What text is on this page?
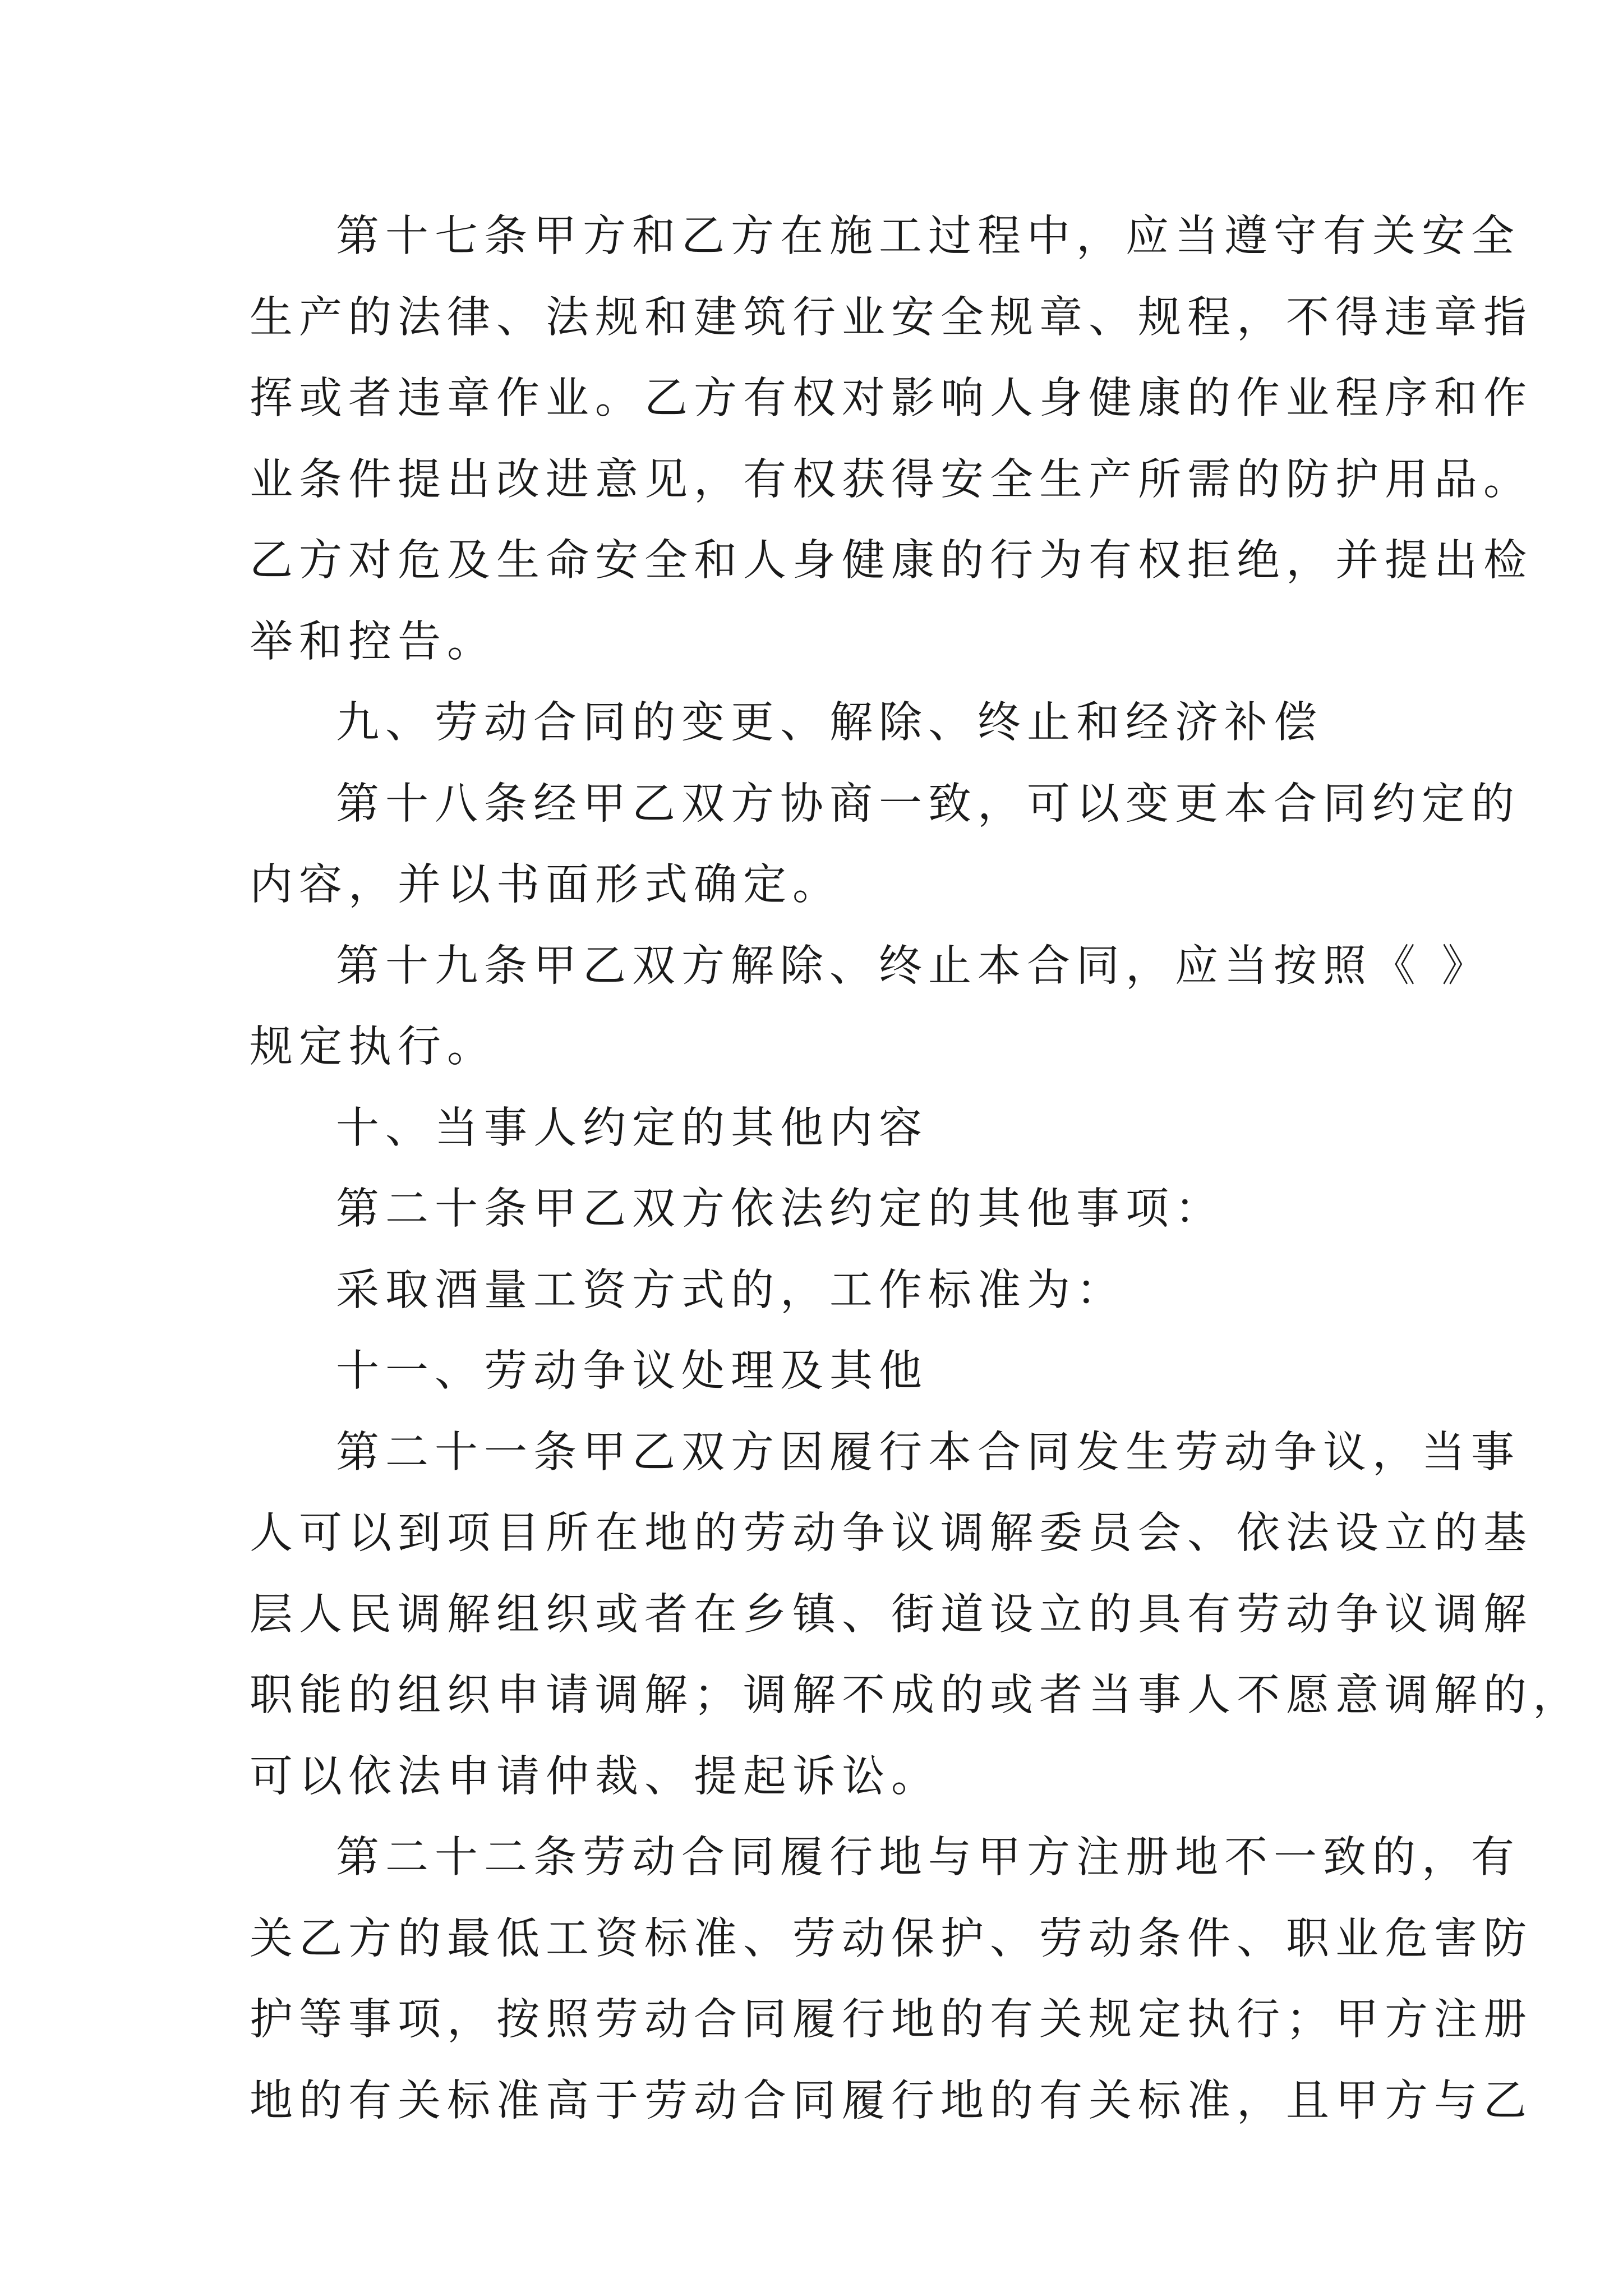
第十七条甲方和乙方在施工过程中，应当遵守有关安全
生产的法律、法规和建筑行业安全规章、规程，不得违章指
挥或者违章作业。乙方有权对影响人身健康的作业程序和作
业条件提出改进意见，有权获得安全生产所需的防护用品。
乙方对危及生命安全和人身健康的行为有权拒绝，并提出检
举和控告。
九、劳动合同的变更、解除、终止和经济补偿
第十八条经甲乙双方协商一致，可以变更本合同约定的
内容，并以书面形式确定。
第十九条甲乙双方解除、终止本合同，应当按照《 》
规定执行。
十、当事人约定的其他内容
第二十条甲乙双方依法约定的其他事项：
采取酒量工资方式的，工作标准为：
十一、劳动争议处理及其他
第二十一条甲乙双方因履行本合同发生劳动争议，当事
人可以到项目所在地的劳动争议调解委员会、依法设立的基
层人民调解组织或者在乡镇、街道设立的具有劳动争议调解
职能的组织申请调解；调解不成的或者当事人不愿意调解的，
可以依法申请仲裁、提起诉讼。
第二十二条劳动合同履行地与甲方注册地不一致的，有
关乙方的最低工资标准、劳动保护、劳动条件、职业危害防
护等事项，按照劳动合同履行地的有关规定执行；甲方注册
地的有关标准高于劳动合同履行地的有关标准，且甲方与乙
